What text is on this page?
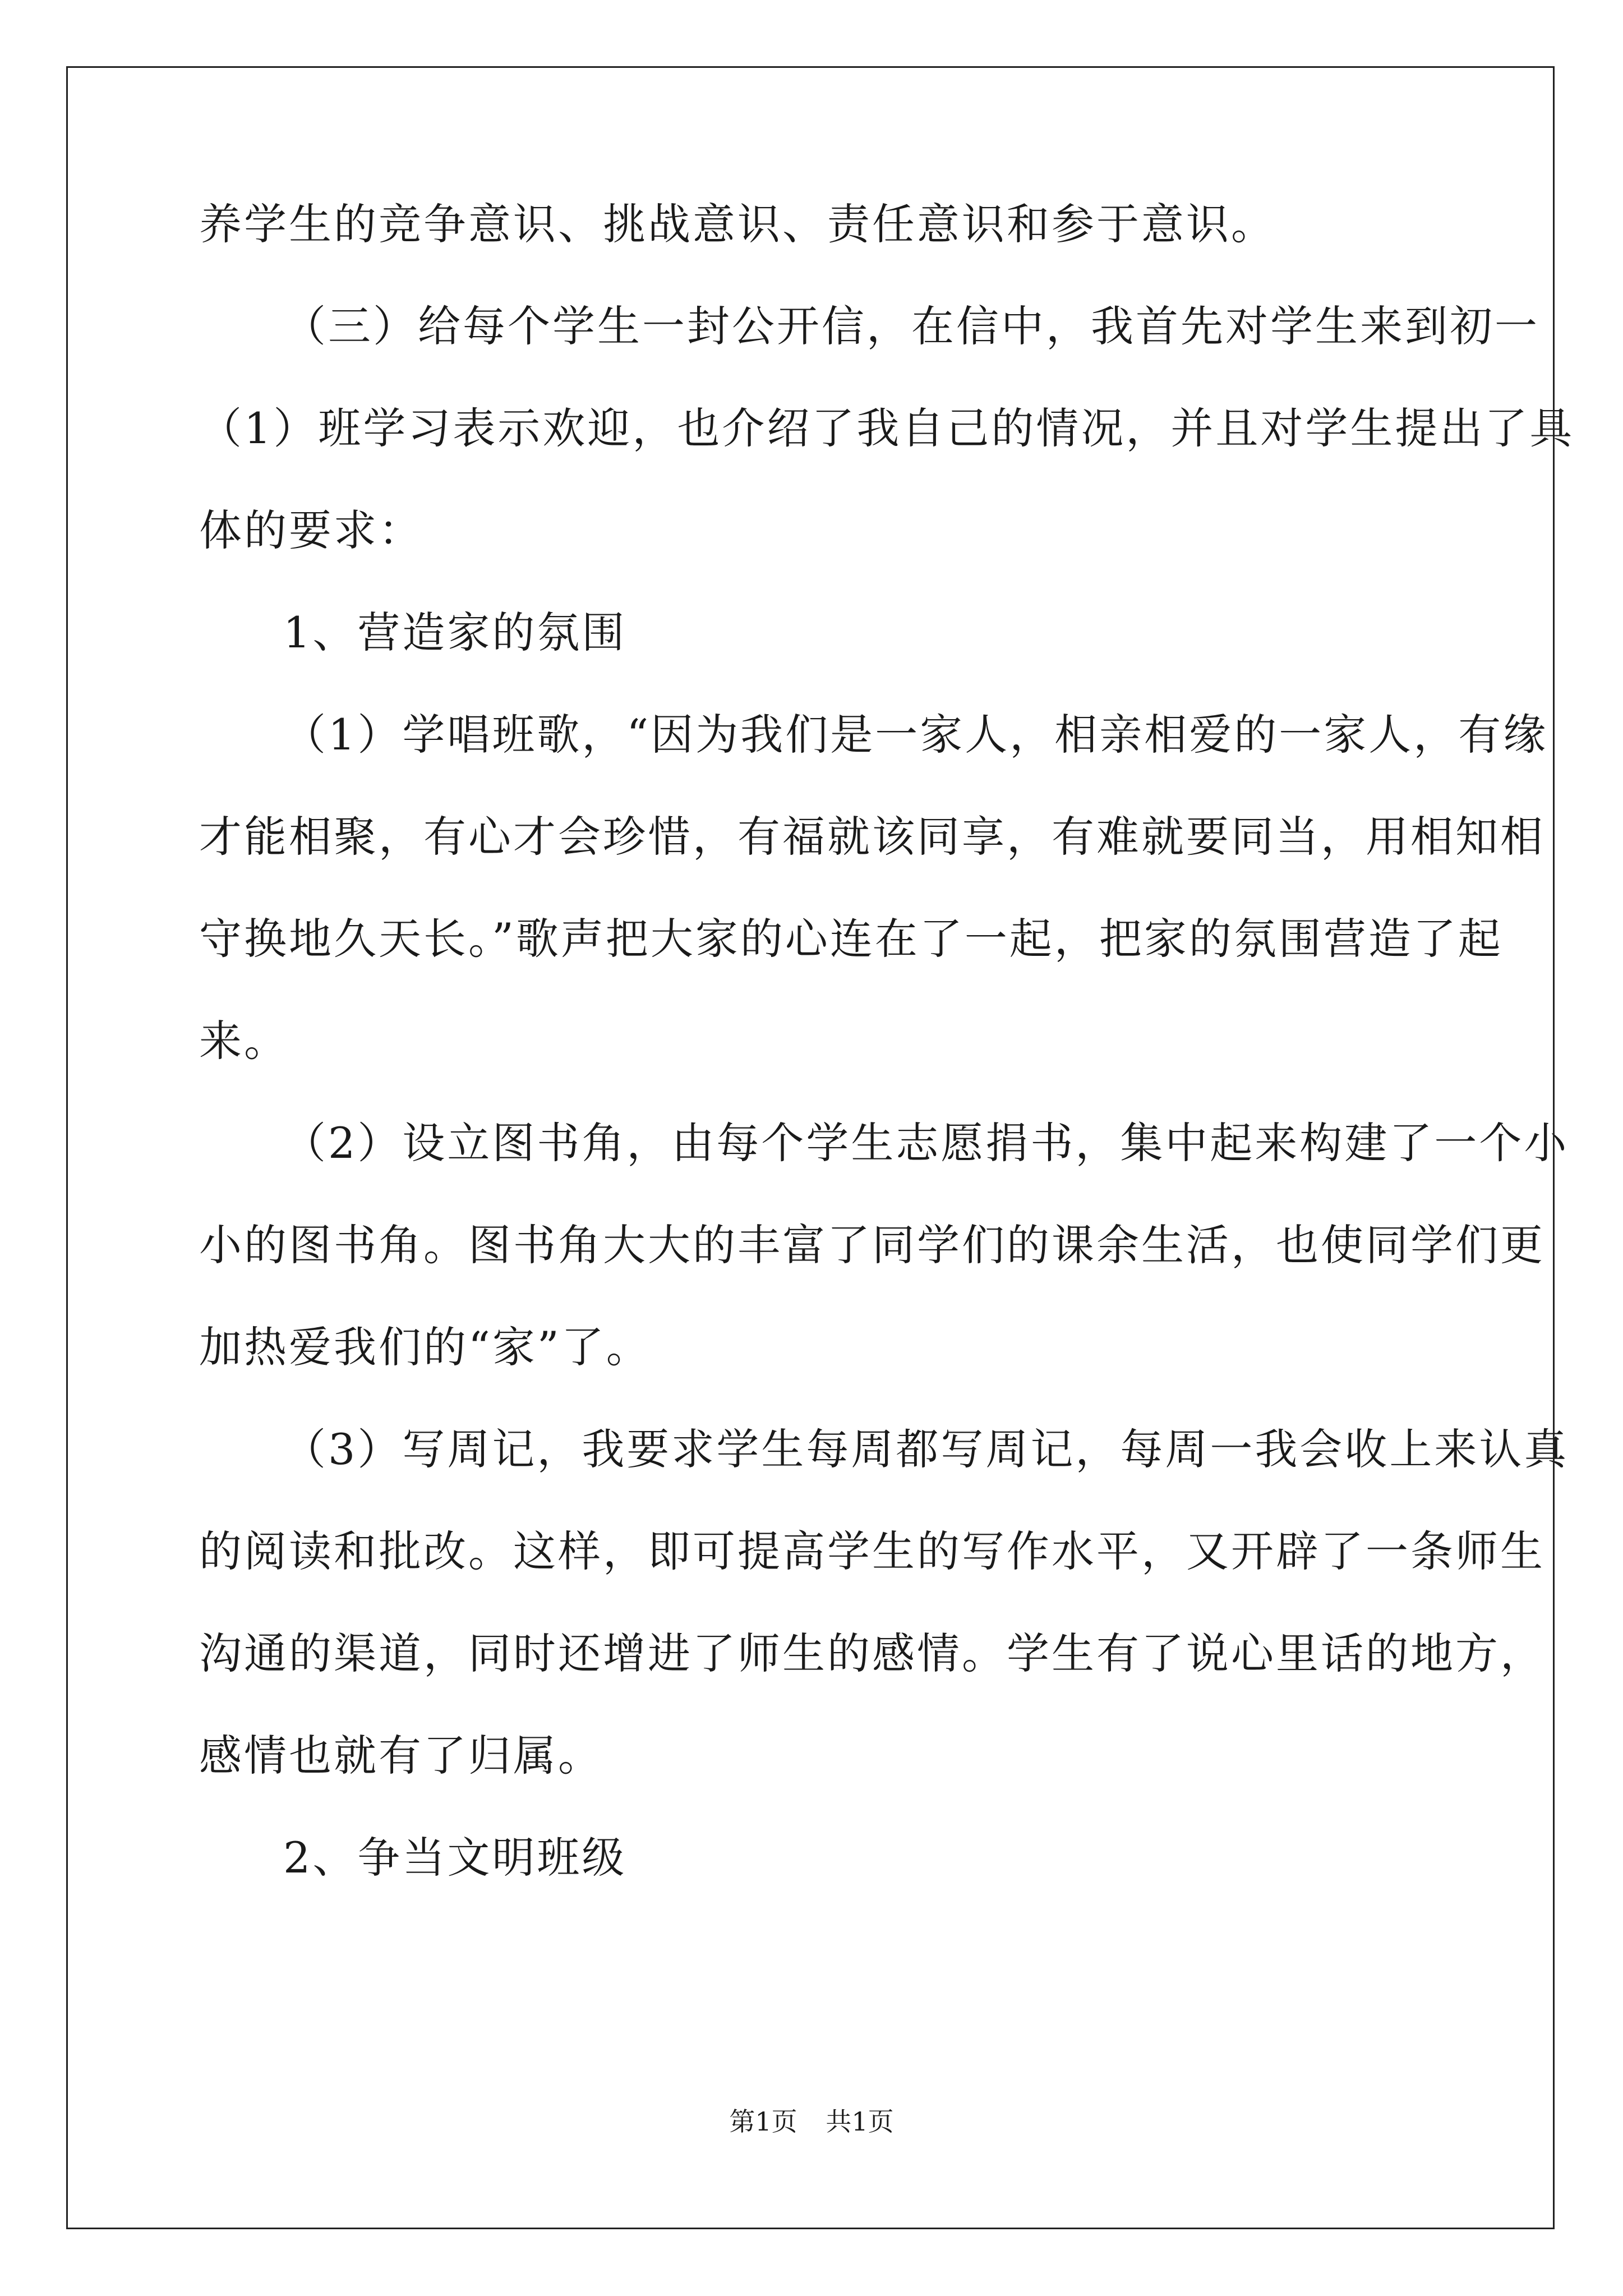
养学生的竞争意识、挑战意识、责任意识和参于意识。
（三）给每个学生一封公开信，在信中，我首先对学生来到初一
（1）班学习表示欢迎，也介绍了我自己的情况，并且对学生提出了具
体的要求：
1、营造家的氛围
（1）学唱班歌，“因为我们是一家人，相亲相爱的一家人，有缘
才能相聚，有心才会珍惜，有福就该同享，有难就要同当，用相知相
守换地久天长。”歌声把大家的心连在了一起，把家的氛围营造了起
来。
（2）设立图书角，由每个学生志愿捐书，集中起来构建了一个小
小的图书角。图书角大大的丰富了同学们的课余生活，也使同学们更
加热爱我们的“家”了。
（3）写周记，我要求学生每周都写周记，每周一我会收上来认真
的阅读和批改。这样，即可提高学生的写作水平，又开辟了一条师生
沟通的渠道，同时还增进了师生的感情。学生有了说心里话的地方，
感情也就有了归属。
2、争当文明班级
第1页 共1页
